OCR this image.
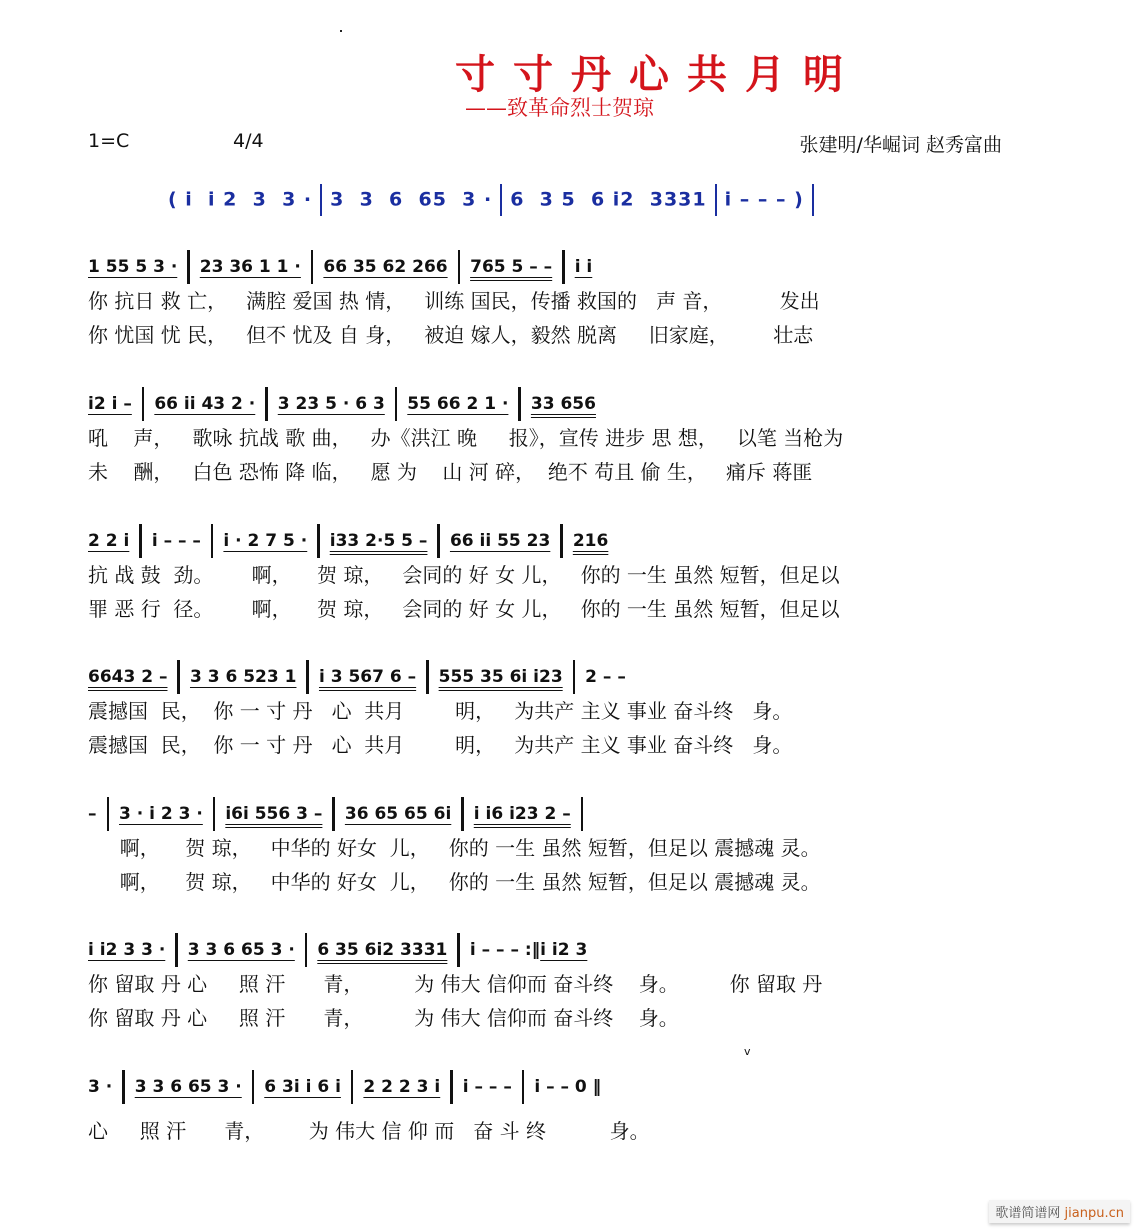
寸寸丹心共月明
——致革命烈士贺琼
1=C	4/4	张建明/华崛词 赵秀富曲
( i  i 2  3  3 · 3  3  6  65  3 · 6  3 5  6 i2  3331 i – – – )
1 55 5 3 · 23 36 1 1 · 66 35 62 266 765 5 – – i i
你 抗日 救 亡，   满腔 爱国 热 情，   训练 国民，传播 救国的   声 音，         发出
你 忧国 忧 民，   但不 忧及 自 身，   被迫 嫁人，毅然 脱离     旧家庭，       壮志
i2 i – 66 ii 43 2 · 3 23 5 · 6 3 55 66 2 1 · 33 656
吼    声，   歌咏 抗战 歌 曲，   办《洪江 晚     报》，宣传 进步 思 想，   以笔 当枪为
未    酬，   白色 恐怖 降 临，   愿 为    山 河 碎，  绝不 苟且 偷 生，   痛斥 蒋匪
2 2 i i – – – i · 2 7 5 · i33 2·5 5 – 66 ii 55 23 216
抗 战 鼓  劲。      啊，    贺 琼，   会同的 好 女 儿，   你的 一生 虽然 短暂，但足以
罪 恶 行  径。      啊，    贺 琼，   会同的 好 女 儿，   你的 一生 虽然 短暂，但足以
6643 2 – 3 3 6 523 1 i 3 567 6 – 555 35 6i i23 2 – –
震撼国  民，  你 一 寸 丹   心  共月        明，   为共产 主义 事业 奋斗终   身。
震撼国  民，  你 一 寸 丹   心  共月        明，   为共产 主义 事业 奋斗终   身。
– 3 · i 2 3 · i6i 556 3 – 36 65 65 6i i i6 i23 2 –
啊，    贺 琼，   中华的 好女  儿，   你的 一生 虽然 短暂，但足以 震撼魂 灵。
啊，    贺 琼，   中华的 好女  儿，   你的 一生 虽然 短暂，但足以 震撼魂 灵。
i i2 3 3 · 3 3 6 65 3 · 6 35 6i2 3331 i – – – :‖ i i2 3
你 留取 丹 心     照 汗      青，        为 伟大 信仰而 奋斗终    身。        你 留取 丹
你 留取 丹 心     照 汗      青，        为 伟大 信仰而 奋斗终    身。
v
3 · 3 3 6 65 3 · 6 3i i 6 i 2 2 2 3 i i – – – i – – 0 ‖
心     照 汗      青，       为 伟大 信 仰 而   奋 斗 终          身。
歌谱简谱网 jianpu.cn
